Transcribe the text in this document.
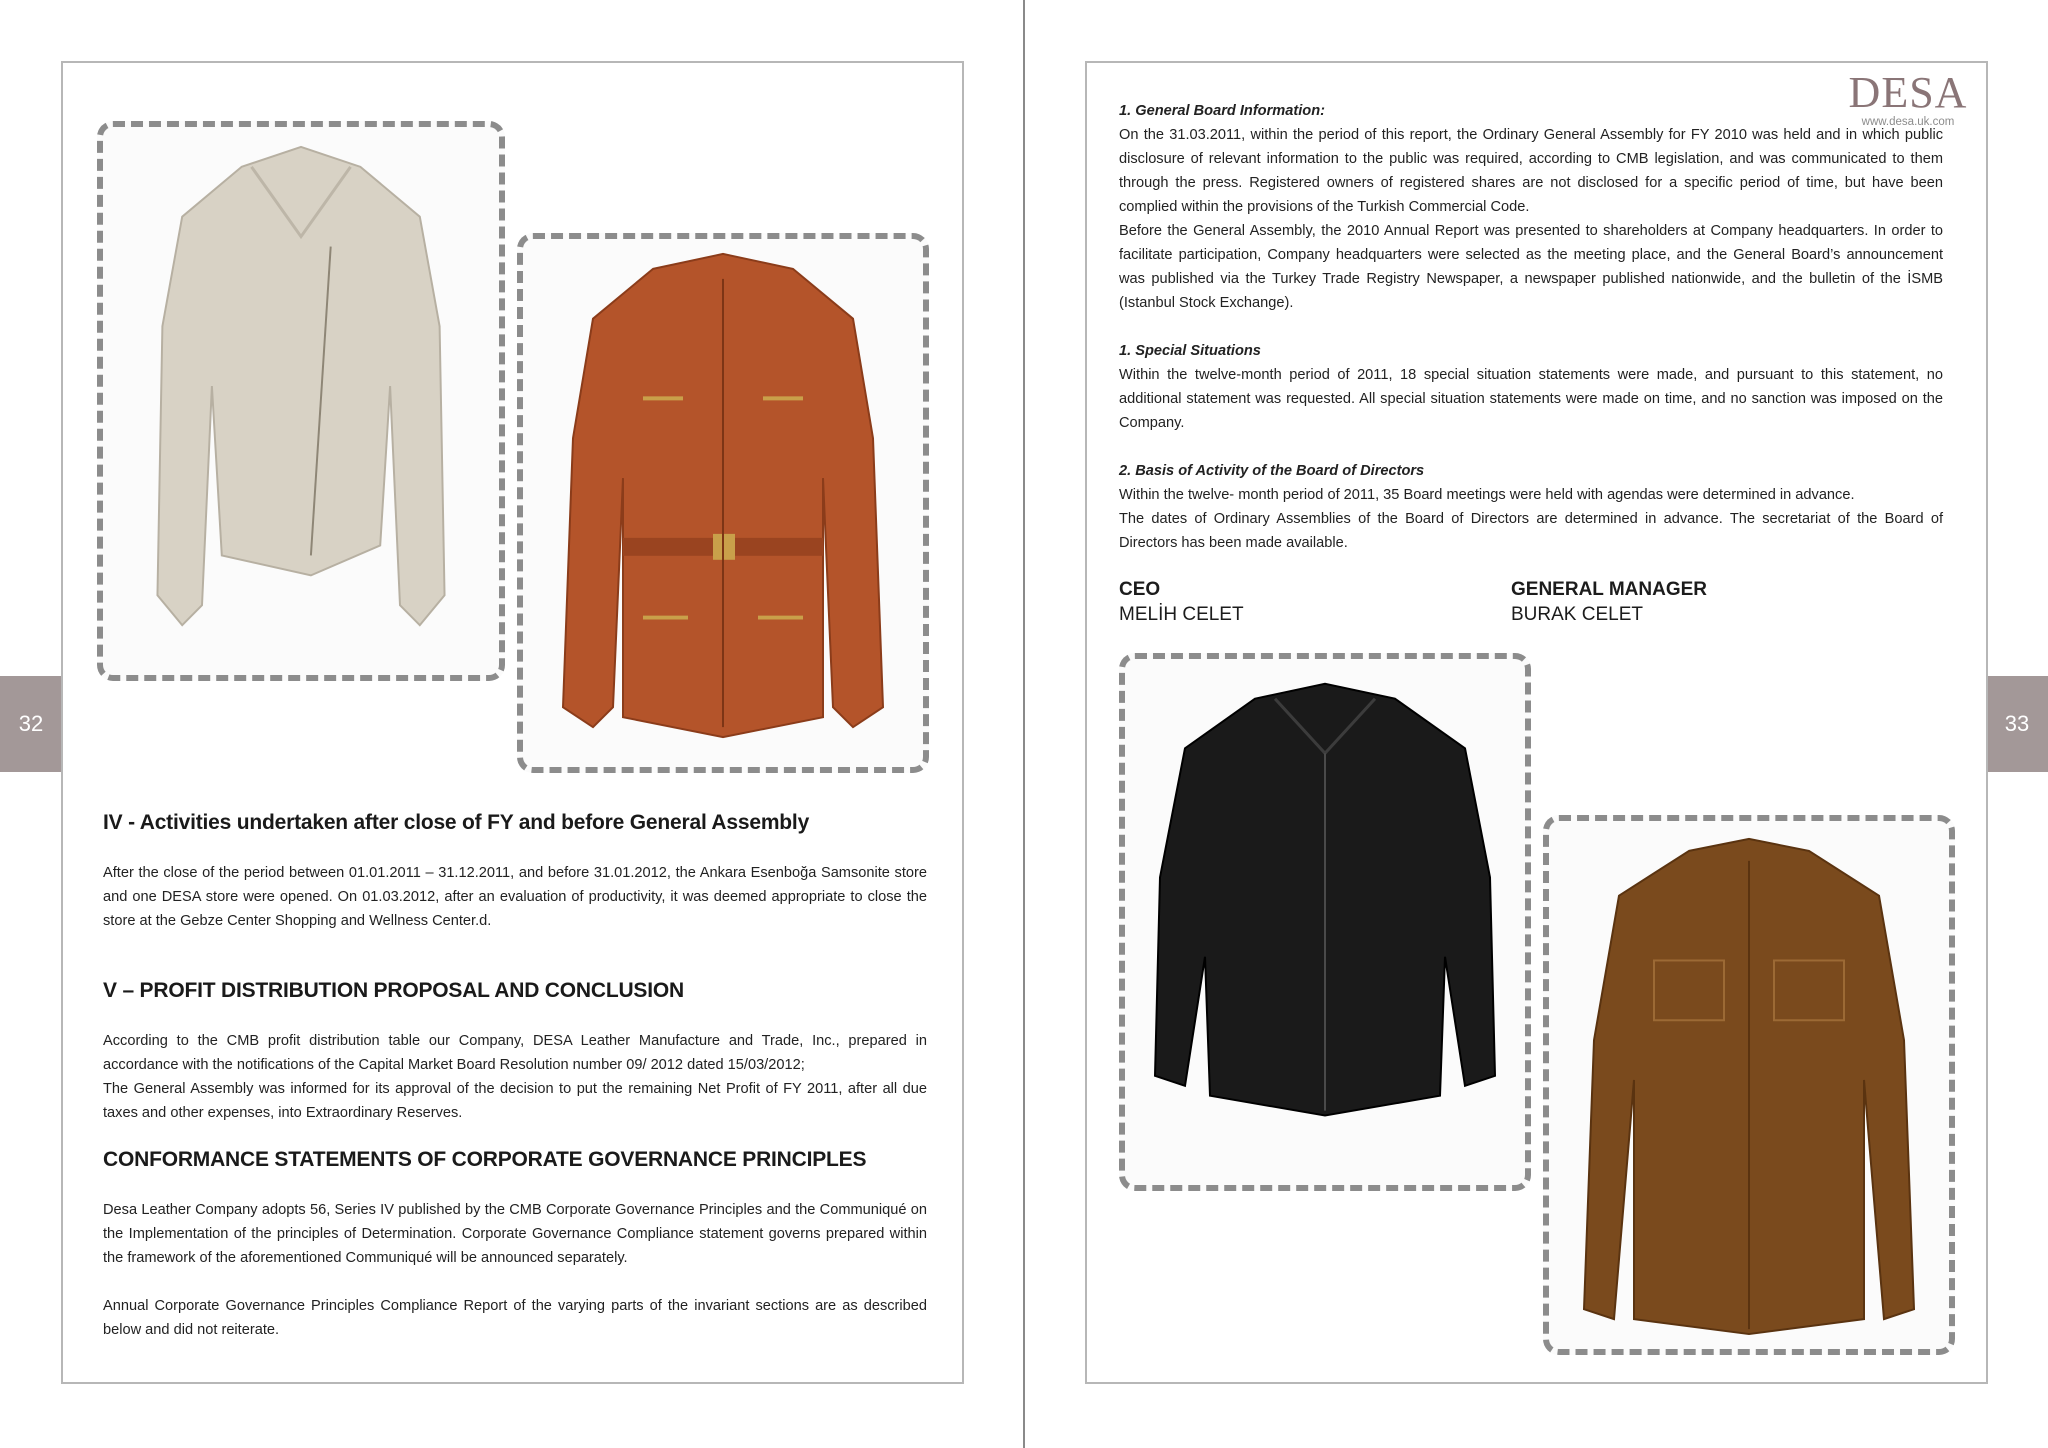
32	33
IV - Activities undertaken after close of FY and before General Assembly

After the close of the period between 01.01.2011 – 31.12.2011, and before 31.01.2012, the Ankara Esenboğa Samsonite store and one DESA store were opened. On 01.03.2012, after an evaluation of productivity, it was deemed appropriate to close the store at the Gebze Center Shopping and Wellness Center.d.

V – PROFIT DISTRIBUTION PROPOSAL AND CONCLUSION

According to the CMB profit distribution table our Company, DESA Leather Manufacture and Trade, Inc., prepared in accordance with the notifications of the Capital Market Board Resolution number 09/ 2012 dated 15/03/2012;

The General Assembly was informed for its approval of the decision to put the remaining Net Profit of FY 2011, after all due taxes and other expenses, into Extraordinary Reserves.

CONFORMANCE STATEMENTS OF CORPORATE GOVERNANCE PRINCIPLES

Desa Leather Company adopts 56, Series IV published by the CMB Corporate Governance Principles and the Communiqué on the Implementation of the principles of Determination. Corporate Governance Compliance statement governs prepared within the framework of the aforementioned Communiqué will be announced separately.

Annual Corporate Governance Principles Compliance Report of the varying parts of the invariant sections are as described below and did not reiterate.

DESA
www.desa.uk.com

1. General Board Information:

On the 31.03.2011, within the period of this report, the Ordinary General Assembly for FY 2010 was held and in which public disclosure of relevant information to the public was required, according to CMB legislation, and was communicated to them through the press. Registered owners of registered shares are not disclosed for a specific period of time, but have been complied within the provisions of the Turkish Commercial Code.

Before the General Assembly, the 2010 Annual Report was presented to shareholders at Company headquarters. In order to facilitate participation, Company headquarters were selected as the meeting place, and the General Board’s announcement was published via the Turkey Trade Registry Newspaper, a newspaper published nationwide, and the bulletin of the İSMB (Istanbul Stock Exchange).

1. Special Situations

Within the twelve-month period of 2011, 18 special situation statements were made, and pursuant to this statement, no additional statement was requested. All special situation statements were made on time, and no sanction was imposed on the Company.

2. Basis of Activity of the Board of Directors

Within the twelve- month period of 2011, 35 Board meetings were held with agendas were determined in advance.

The dates of Ordinary Assemblies of the Board of Directors are determined in advance. The secretariat of the Board of Directors has been made available.

CEO
MELİH CELET
GENERAL MANAGER
BURAK CELET
